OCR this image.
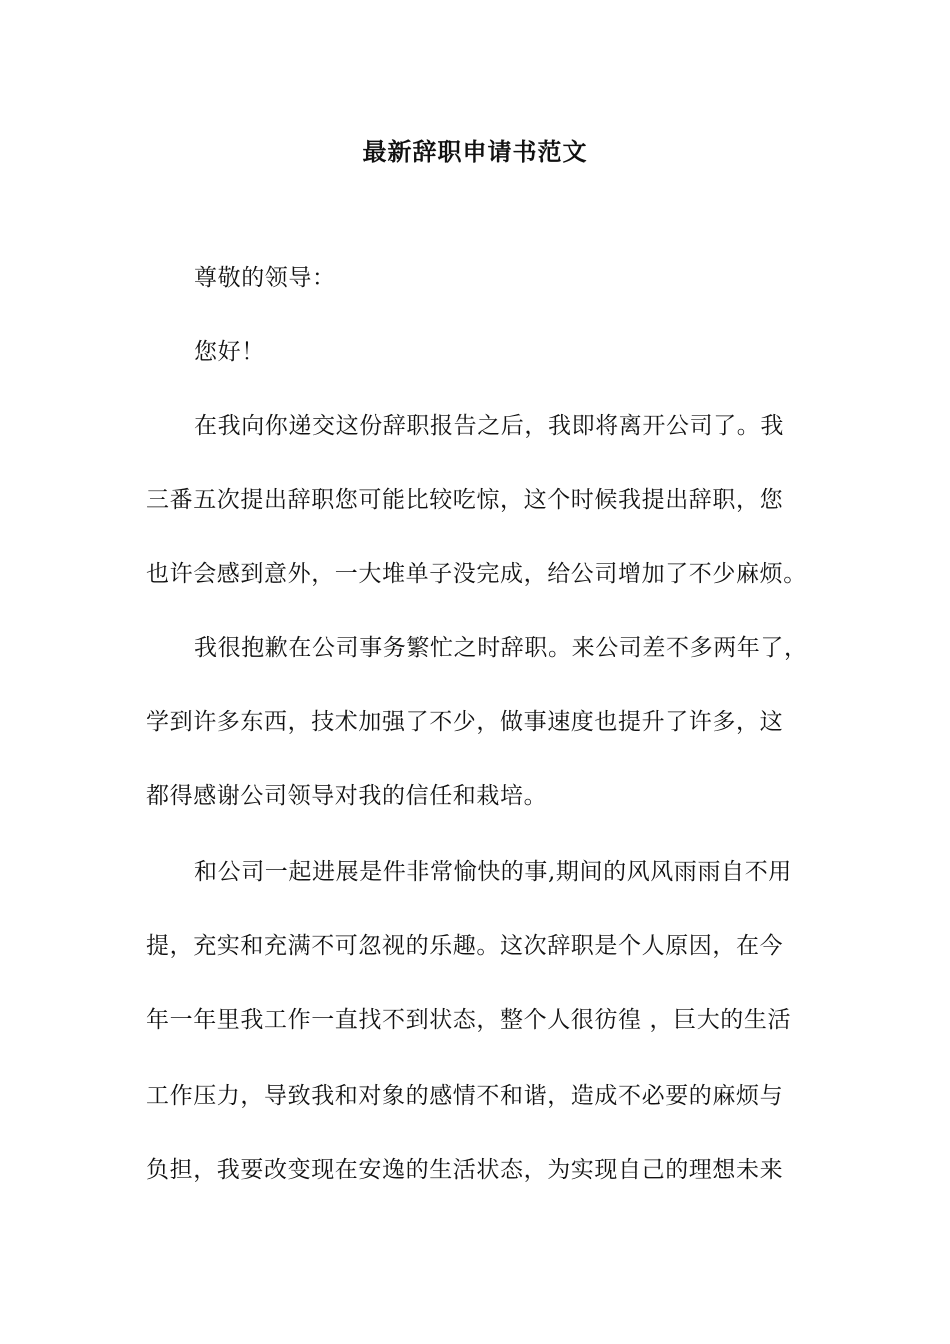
最新辞职申请书范文
尊敬的领导：
您好！
在我向你递交这份辞职报告之后，我即将离开公司了。我
三番五次提出辞职您可能比较吃惊，这个时候我提出辞职，您
也许会感到意外，一大堆单子没完成，给公司增加了不少麻烦。
我很抱歉在公司事务繁忙之时辞职。来公司差不多两年了，
学到许多东西，技术加强了不少，做事速度也提升了许多，这
都得感谢公司领导对我的信任和栽培。
和公司一起进展是件非常愉快的事,期间的风风雨雨自不用
提，充实和充满不可忽视的乐趣。这次辞职是个人原因，在今
年一年里我工作一直找不到状态，整个人很彷徨 ，巨大的生活
工作压力，导致我和对象的感情不和谐，造成不必要的麻烦与
负担，我要改变现在安逸的生活状态，为实现自己的理想未来
